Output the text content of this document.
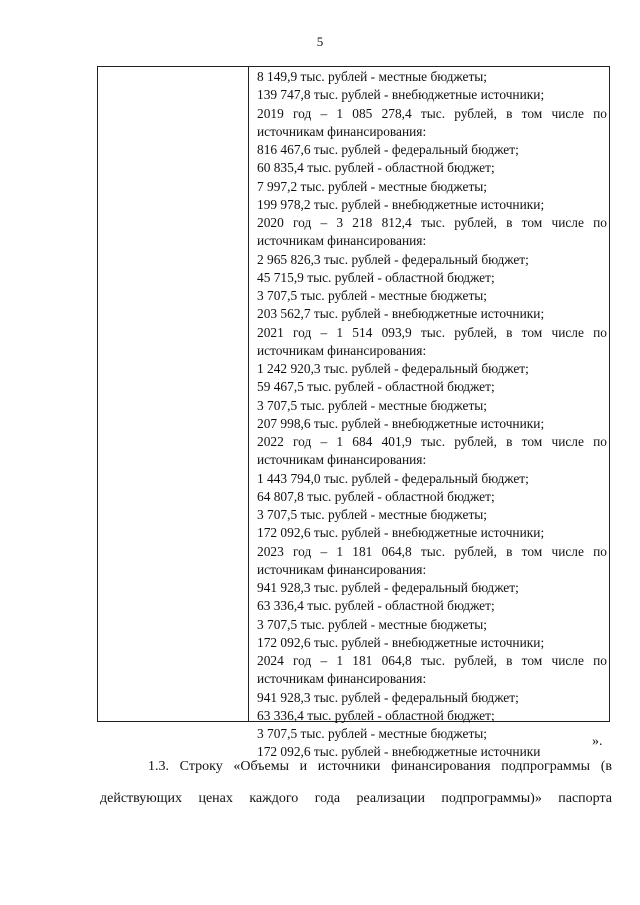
5
8 149,9 тыс. рублей - местные бюджеты;
139 747,8 тыс. рублей - внебюджетные источники;
2019 год – 1 085 278,4 тыс. рублей, в том числе по
источникам финансирования:
816 467,6 тыс. рублей - федеральный бюджет;
60 835,4 тыс. рублей - областной бюджет;
7 997,2 тыс. рублей - местные бюджеты;
199 978,2 тыс. рублей - внебюджетные источники;
2020 год – 3 218 812,4 тыс. рублей, в том числе по
источникам финансирования:
2 965 826,3 тыс. рублей - федеральный бюджет;
45 715,9 тыс. рублей - областной бюджет;
3 707,5 тыс. рублей - местные бюджеты;
203 562,7 тыс. рублей - внебюджетные источники;
2021 год – 1 514 093,9 тыс. рублей, в том числе по
источникам финансирования:
1 242 920,3 тыс. рублей - федеральный бюджет;
59 467,5 тыс. рублей - областной бюджет;
3 707,5 тыс. рублей - местные бюджеты;
207 998,6 тыс. рублей - внебюджетные источники;
2022 год – 1 684 401,9 тыс. рублей, в том числе по
источникам финансирования:
1 443 794,0 тыс. рублей - федеральный бюджет;
64 807,8 тыс. рублей - областной бюджет;
3 707,5 тыс. рублей - местные бюджеты;
172 092,6 тыс. рублей - внебюджетные источники;
2023 год – 1 181 064,8 тыс. рублей, в том числе по
источникам финансирования:
941 928,3 тыс. рублей - федеральный бюджет;
63 336,4 тыс. рублей - областной бюджет;
3 707,5 тыс. рублей - местные бюджеты;
172 092,6 тыс. рублей - внебюджетные источники;
2024 год – 1 181 064,8 тыс. рублей, в том числе по
источникам финансирования:
941 928,3 тыс. рублей - федеральный бюджет;
63 336,4 тыс. рублей - областной бюджет;
3 707,5 тыс. рублей - местные бюджеты;
172 092,6 тыс. рублей - внебюджетные источники
».
1.3. Строку «Объемы и источники финансирования подпрограммы (в
действующих ценах каждого года реализации подпрограммы)» паспорта
